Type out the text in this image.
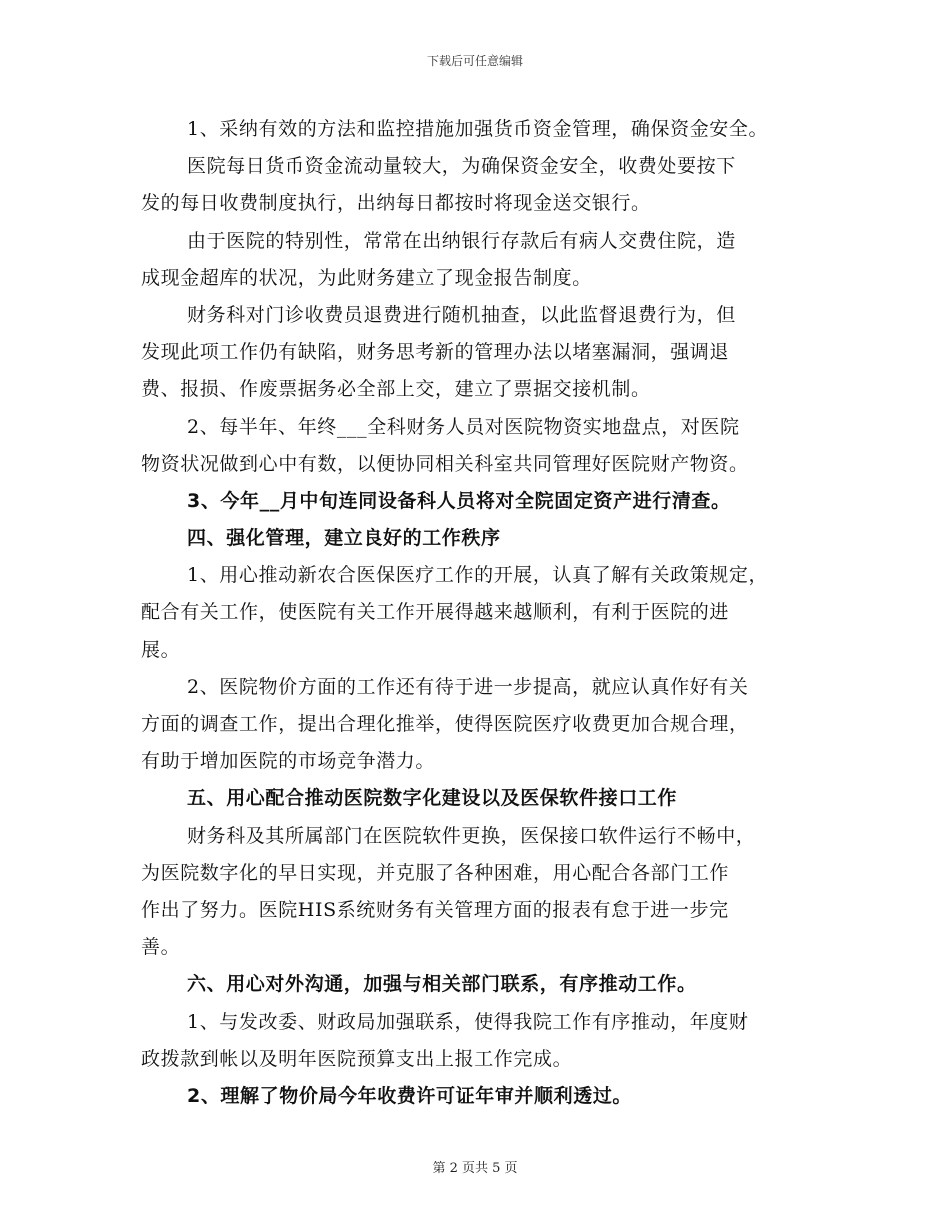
下载后可任意编辑
1、采纳有效的方法和监控措施加强货币资金管理，确保资金安全。
医院每日货币资金流动量较大，为确保资金安全，收费处要按下
发的每日收费制度执行，出纳每日都按时将现金送交银行。
由于医院的特别性，常常在出纳银行存款后有病人交费住院，造
成现金超库的状况，为此财务建立了现金报告制度。
财务科对门诊收费员退费进行随机抽查，以此监督退费行为，但
发现此项工作仍有缺陷，财务思考新的管理办法以堵塞漏洞，强调退
费、报损、作废票据务必全部上交，建立了票据交接机制。
2、每半年、年终___全科财务人员对医院物资实地盘点，对医院
物资状况做到心中有数，以便协同相关科室共同管理好医院财产物资。
3、今年__月中旬连同设备科人员将对全院固定资产进行清查。
四、强化管理，建立良好的工作秩序
1、用心推动新农合医保医疗工作的开展，认真了解有关政策规定，
配合有关工作，使医院有关工作开展得越来越顺利，有利于医院的进
展。
2、医院物价方面的工作还有待于进一步提高，就应认真作好有关
方面的调查工作，提出合理化推举，使得医院医疗收费更加合规合理，
有助于增加医院的市场竞争潜力。
五、用心配合推动医院数字化建设以及医保软件接口工作
财务科及其所属部门在医院软件更换，医保接口软件运行不畅中，
为医院数字化的早日实现，并克服了各种困难，用心配合各部门工作
作出了努力。医院HIS系统财务有关管理方面的报表有怠于进一步完
善。
六、用心对外沟通，加强与相关部门联系，有序推动工作。
1、与发改委、财政局加强联系，使得我院工作有序推动，年度财
政拨款到帐以及明年医院预算支出上报工作完成。
2、理解了物价局今年收费许可证年审并顺利透过。
第 2 页共 5 页
